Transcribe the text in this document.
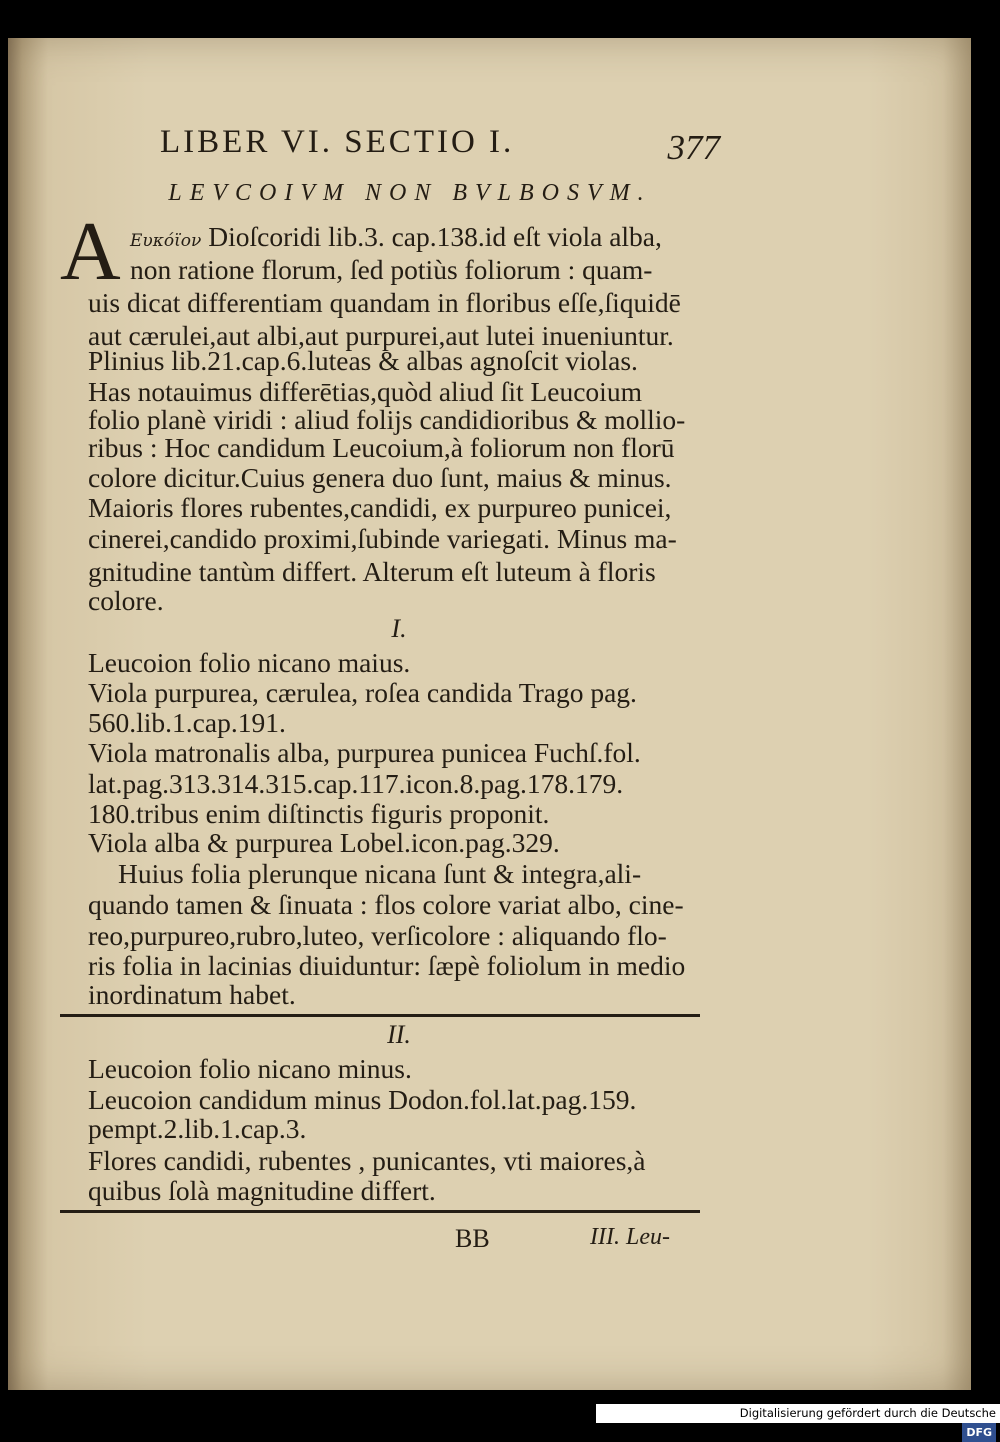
LIBER VI. SECTIO I.	377
LEVCOIVM NON BVLBOSVM.
A Ευκόϊον Dioſcoridi lib.3. cap.138.id eſt viola alba,
non ratione florum, ſed potiùs foliorum : quam-
uis dicat differentiam quandam in floribus eſſe,ſiquidē
aut cærulei,aut albi,aut purpurei,aut lutei inueniuntur.
Plinius lib.21.cap.6.luteas & albas agnoſcit violas.
Has notauimus differētias,quòd aliud ſit Leucoium
folio planè viridi : aliud folijs candidioribus & mollio-
ribus : Hoc candidum Leucoium,à foliorum non florū
colore dicitur.Cuius genera duo ſunt, maius & minus.
Maioris flores rubentes,candidi, ex purpureo punicei,
cinerei,candido proximi,ſubinde variegati. Minus ma-
gnitudine tantùm differt. Alterum eſt luteum à floris
colore.
I.
Leucoion folio nicano maius.
Viola purpurea, cærulea, roſea candida Trago pag.
560.lib.1.cap.191.
Viola matronalis alba, purpurea punicea Fuchſ.fol.
lat.pag.313.314.315.cap.117.icon.8.pag.178.179.
180.tribus enim diſtinctis figuris proponit.
Viola alba & purpurea Lobel.icon.pag.329.
Huius folia plerunque nicana ſunt & integra,ali-
quando tamen & ſinuata : flos colore variat albo, cine-
reo,purpureo,rubro,luteo, verſicolore : aliquando flo-
ris folia in lacinias diuiduntur: ſæpè foliolum in medio
inordinatum habet.
II.
Leucoion folio nicano minus.
Leucoion candidum minus Dodon.fol.lat.pag.159.
pempt.2.lib.1.cap.3.
Flores candidi, rubentes , punicantes, vti maiores,à
quibus ſolà magnitudine differt.
BB	III. Leu-
Digitalisierung gefördert durch die Deutsche Forschungsgemeinschaft - DFG
